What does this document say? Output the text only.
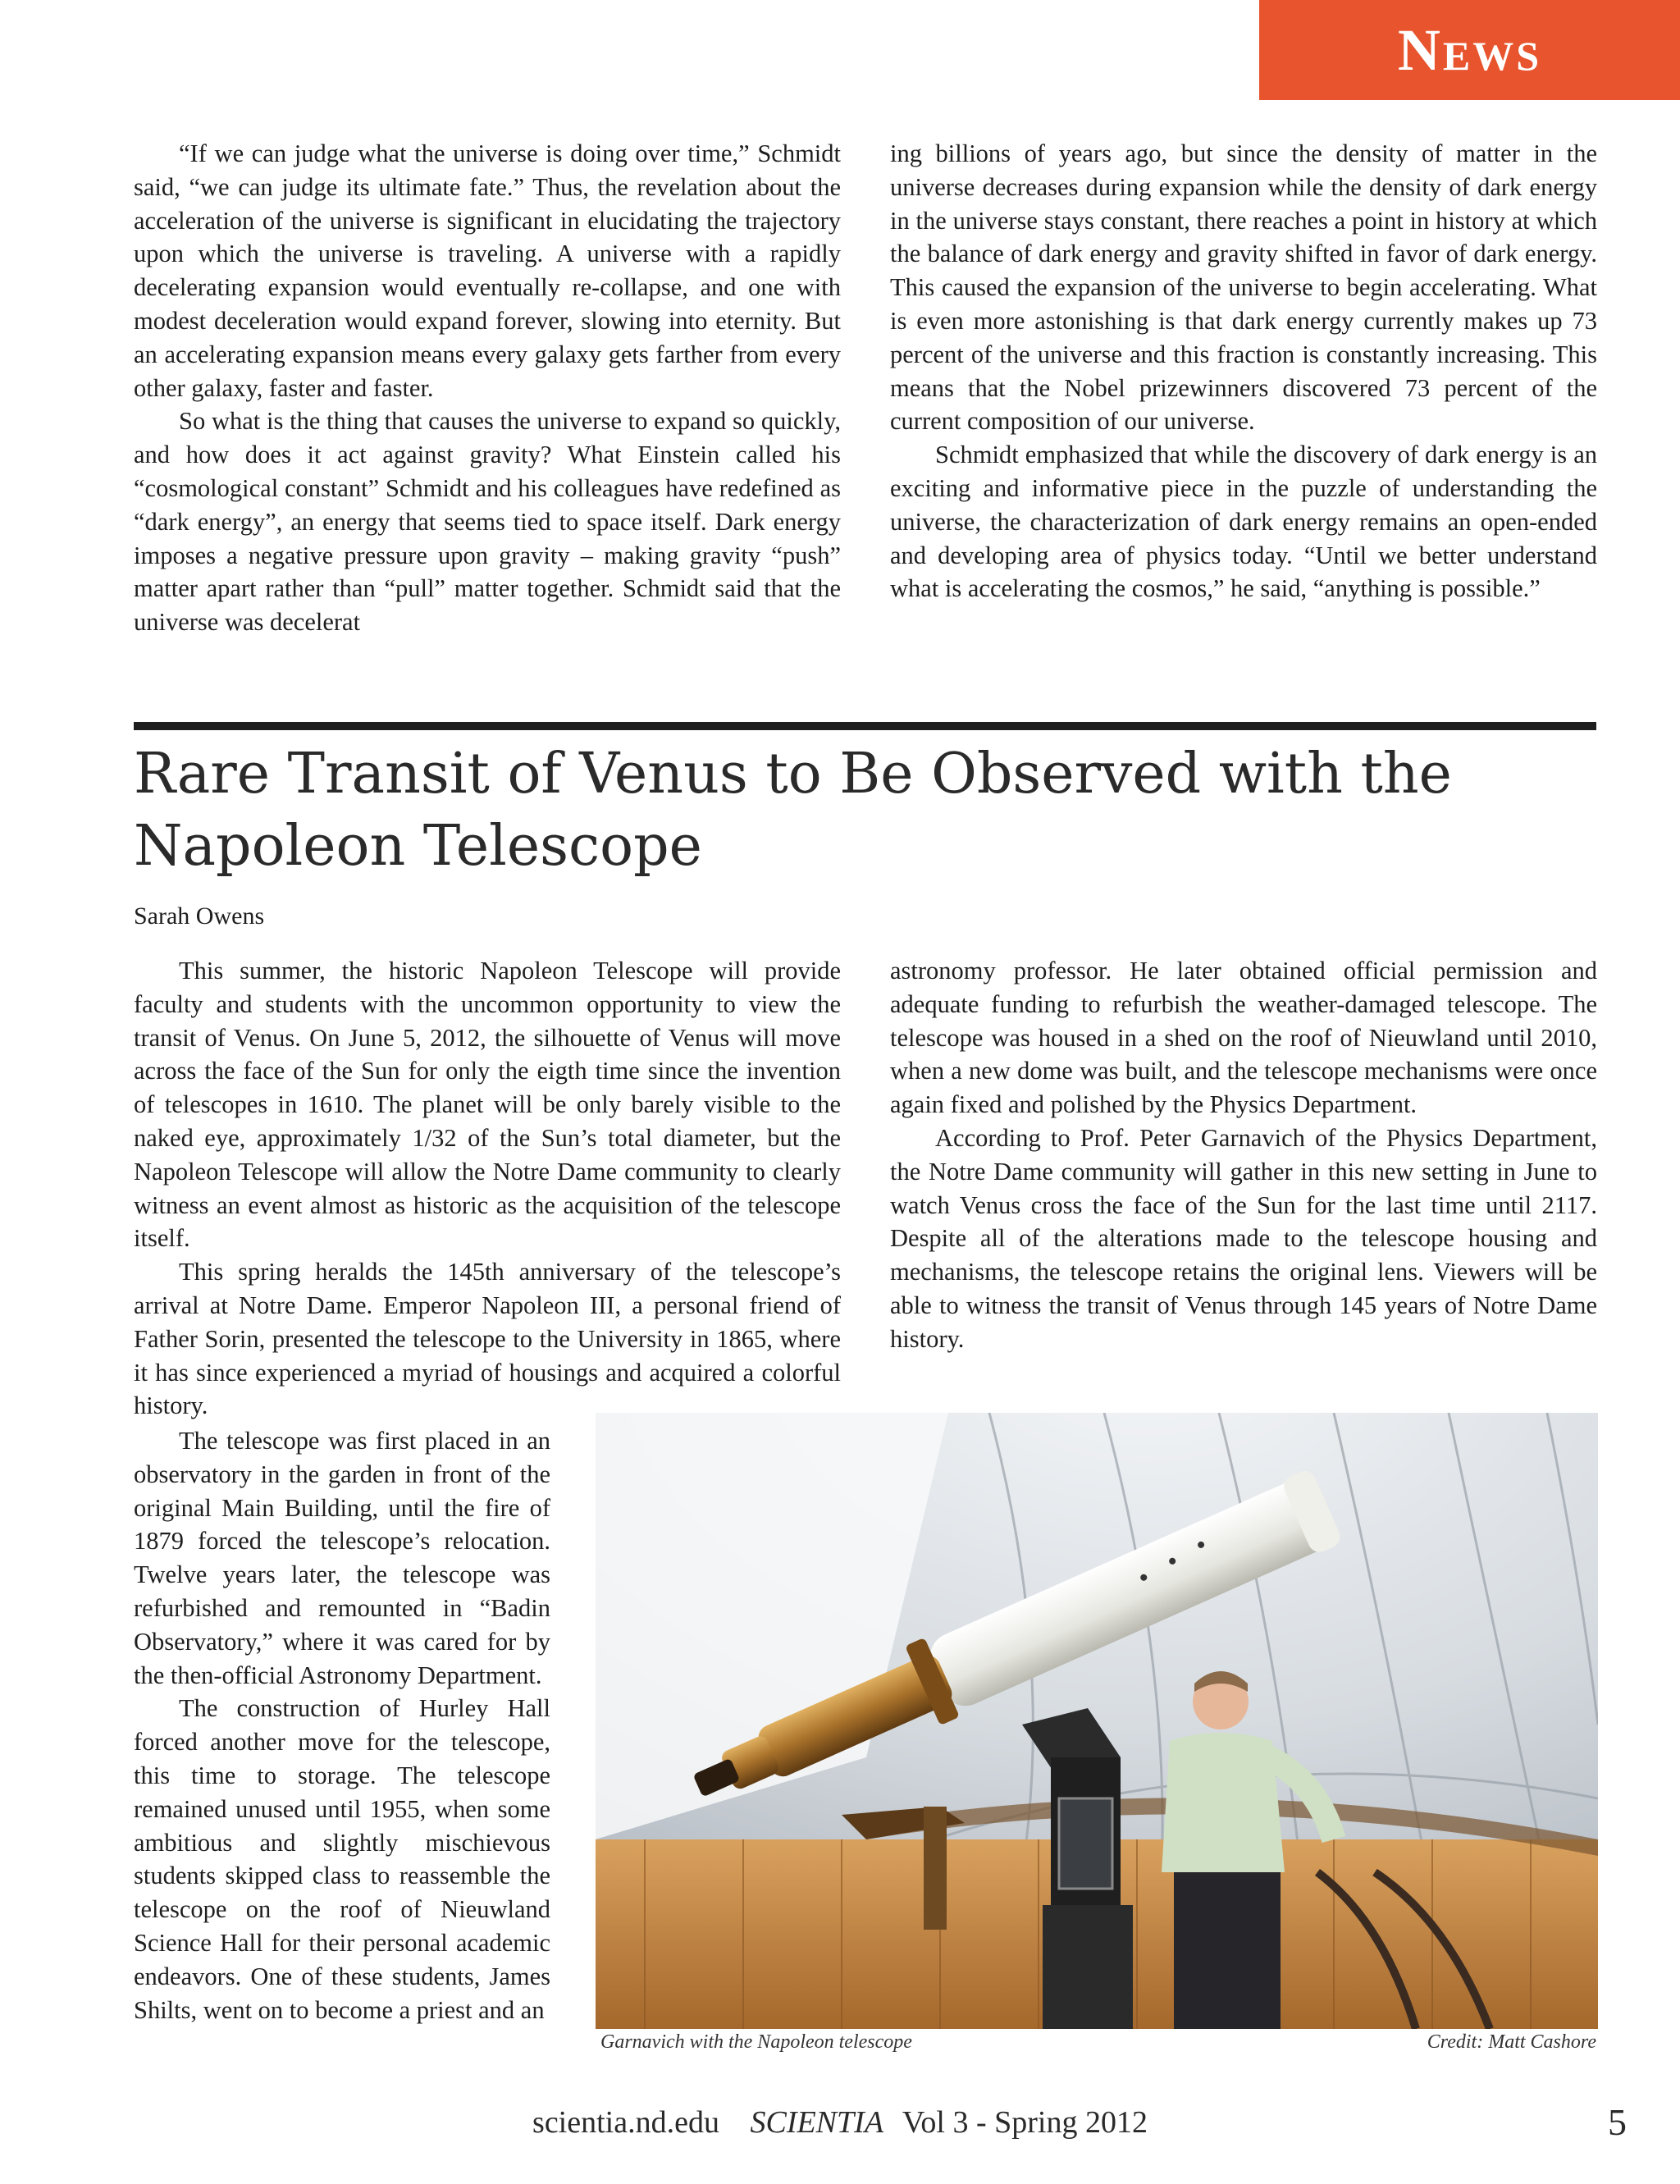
News

“If we can judge what the universe is doing over time,” Schmidt said, “we can judge its ultimate fate.” Thus, the revelation about the acceleration of the universe is significant in elucidating the trajectory upon which the universe is traveling. A universe with a rapidly decelerating expansion would eventually re-collapse, and one with modest deceleration would expand forever, slowing into eternity. But an accelerating expansion means every galaxy gets farther from every other galaxy, faster and faster.

So what is the thing that causes the universe to expand so quickly, and how does it act against gravity? What Einstein called his “cosmological constant” Schmidt and his colleagues have redefined as “dark energy”, an energy that seems tied to space itself. Dark energy imposes a negative pressure upon gravity – making gravity “push” matter apart rather than “pull” matter together. Schmidt said that the universe was decelerat

ing billions of years ago, but since the density of matter in the universe decreases during expansion while the density of dark energy in the universe stays constant, there reaches a point in history at which the balance of dark energy and gravity shifted in favor of dark energy. This caused the expansion of the universe to begin accelerating. What is even more astonishing is that dark energy currently makes up 73 percent of the universe and this fraction is constantly increasing. This means that the Nobel prizewinners discovered 73 percent of the current composition of our universe.

Schmidt emphasized that while the discovery of dark energy is an exciting and informative piece in the puzzle of understanding the universe, the characterization of dark energy remains an open-ended and developing area of physics today. “Until we better understand what is accelerating the cosmos,” he said, “anything is possible.”

Rare Transit of Venus to Be Observed with the Napoleon Telescope
Sarah Owens

This summer, the historic Napoleon Telescope will provide faculty and students with the uncommon opportunity to view the transit of Venus. On June 5, 2012, the silhouette of Venus will move across the face of the Sun for only the eigth time since the invention of telescopes in 1610. The planet will be only barely visible to the naked eye, approximately 1/32 of the Sun’s total diameter, but the Napoleon Telescope will allow the Notre Dame community to clearly witness an event almost as historic as the acquisition of the telescope itself.

This spring heralds the 145th anniversary of the telescope’s arrival at Notre Dame. Emperor Napoleon III, a personal friend of Father Sorin, presented the telescope to the University in 1865, where it has since experienced a myriad of housings and acquired a colorful history.

astronomy professor. He later obtained official permission and adequate funding to refurbish the weather-damaged telescope. The telescope was housed in a shed on the roof of Nieuwland until 2010, when a new dome was built, and the telescope mechanisms were once again fixed and polished by the Physics Department.

According to Prof. Peter Garnavich of the Physics Department, the Notre Dame community will gather in this new setting in June to watch Venus cross the face of the Sun for the last time until 2117. Despite all of the alterations made to the telescope housing and mechanisms, the telescope retains the original lens. Viewers will be able to witness the transit of Venus through 145 years of Notre Dame history.

The telescope was first placed in an observatory in the garden in front of the original Main Building, until the fire of 1879 forced the telescope’s relocation. Twelve years later, the telescope was refurbished and remounted in “Badin Observatory,” where it was cared for by the then-official Astronomy Department.

The construction of Hurley Hall forced another move for the telescope, this time to storage. The telescope remained unused until 1955, when some ambitious and slightly mischievous students skipped class to reassemble the telescope on the roof of Nieuwland Science Hall for their personal academic endeavors. One of these students, James Shilts, went on to become a priest and an

Garnavich with the Napoleon telescope	Credit: Matt Cashore
scientia.nd.edu SCIENTIA Vol 3 - Spring 2012	5
